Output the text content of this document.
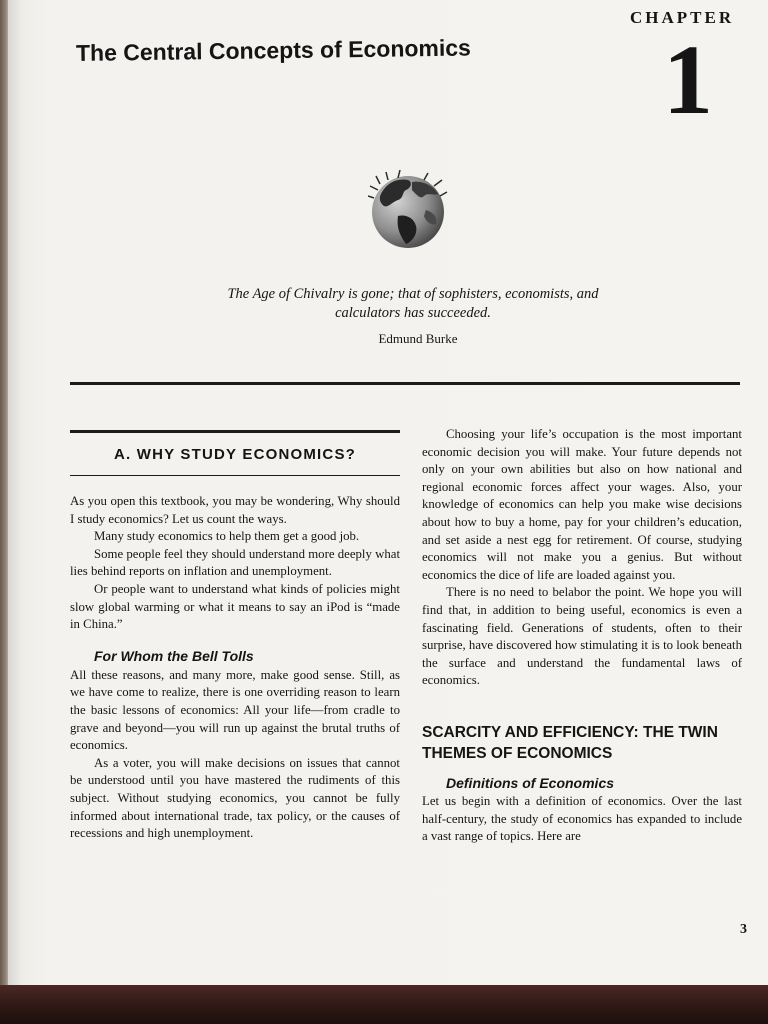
CHAPTER
1
The Central Concepts of Economics
The Age of Chivalry is gone; that of sophisters, economists, and
calculators has succeeded.
Edmund Burke
A. WHY STUDY ECONOMICS?

As you open this textbook, you may be wondering, Why should I study economics? Let us count the ways.

Many study economics to help them get a good job.

Some people feel they should understand more deeply what lies behind reports on inflation and unemployment.

Or people want to understand what kinds of policies might slow global warming or what it means to say an iPod is “made in China.”

For Whom the Bell Tolls

All these reasons, and many more, make good sense. Still, as we have come to realize, there is one overriding reason to learn the basic lessons of economics: All your life—from cradle to grave and beyond—you will run up against the brutal truths of economics.

As a voter, you will make decisions on issues that cannot be understood until you have mastered the rudiments of this subject. Without studying economics, you cannot be fully informed about international trade, tax policy, or the causes of recessions and high unemployment.

Choosing your life’s occupation is the most important economic decision you will make. Your future depends not only on your own abilities but also on how national and regional economic forces affect your wages. Also, your knowledge of economics can help you make wise decisions about how to buy a home, pay for your children’s education, and set aside a nest egg for retirement. Of course, studying economics will not make you a genius. But without economics the dice of life are loaded against you.

There is no need to belabor the point. We hope you will find that, in addition to being useful, economics is even a fascinating field. Generations of students, often to their surprise, have discovered how stimulating it is to look beneath the surface and understand the fundamental laws of economics.

SCARCITY AND EFFICIENCY: THE TWIN THEMES OF ECONOMICS
Definitions of Economics

Let us begin with a definition of economics. Over the last half-century, the study of economics has expanded to include a vast range of topics. Here are

3
